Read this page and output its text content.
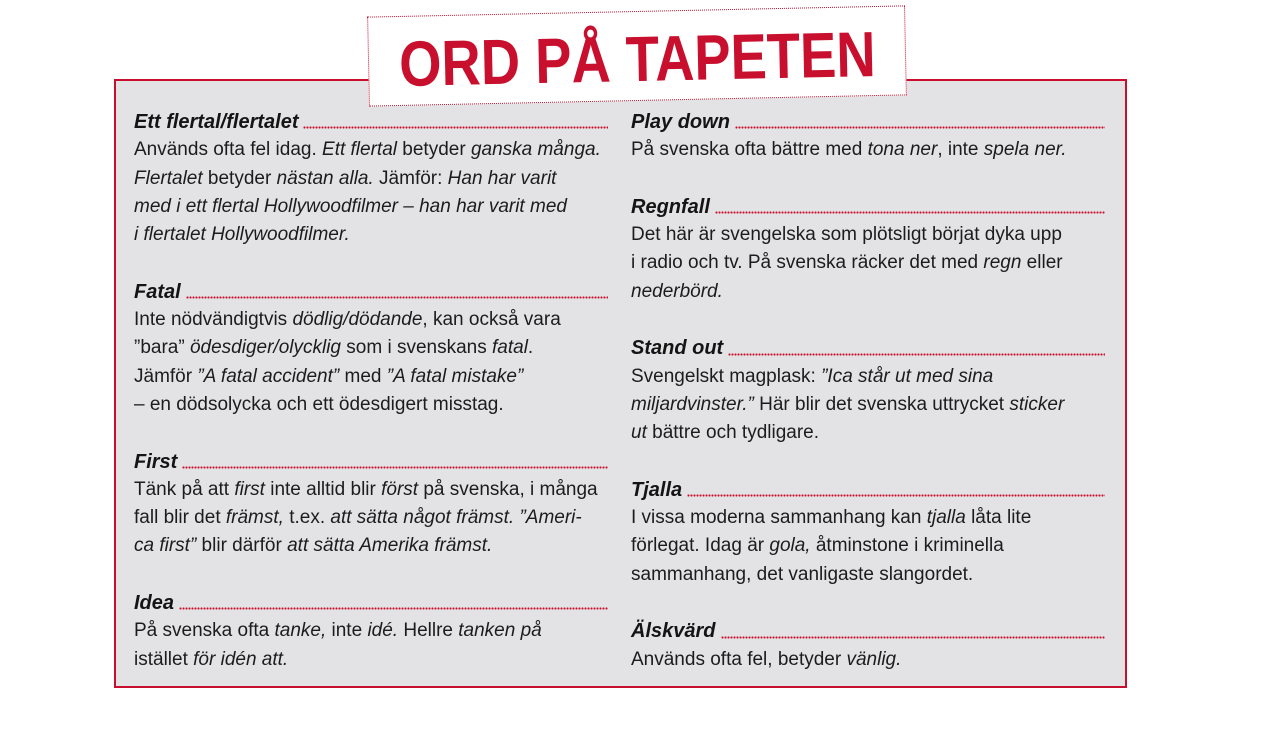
Ett flertal/flertalet
Används ofta fel idag. Ett flertal betyder ganska många.
Flertalet betyder nästan alla. Jämför: Han har varit
med i ett flertal Hollywoodfilmer – han har varit med
i flertalet Hollywoodfilmer.
Fatal
Inte nödvändigtvis dödlig/dödande, kan också vara
”bara” ödesdiger/olycklig som i svenskans fatal.
Jämför ”A fatal accident” med ”A fatal mistake”
– en dödsolycka och ett ödesdigert misstag.
First
Tänk på att first inte alltid blir först på svenska, i många
fall blir det främst, t.ex. att sätta något främst. ”Ameri-
ca first” blir därför att sätta Amerika främst.
Idea
På svenska ofta tanke, inte idé. Hellre tanken på
istället för idén att.
Play down
På svenska ofta bättre med tona ner, inte spela ner.
Regnfall
Det här är svengelska som plötsligt börjat dyka upp
i radio och tv. På svenska räcker det med regn eller
nederbörd.
Stand out
Svengelskt magplask: ”Ica står ut med sina
miljardvinster.” Här blir det svenska uttrycket sticker
ut bättre och tydligare.
Tjalla
I vissa moderna sammanhang kan tjalla låta lite
förlegat. Idag är gola, åtminstone i kriminella
sammanhang, det vanligaste slangordet.
Älskvärd
Används ofta fel, betyder vänlig.
ORD PÅ TAPETEN
